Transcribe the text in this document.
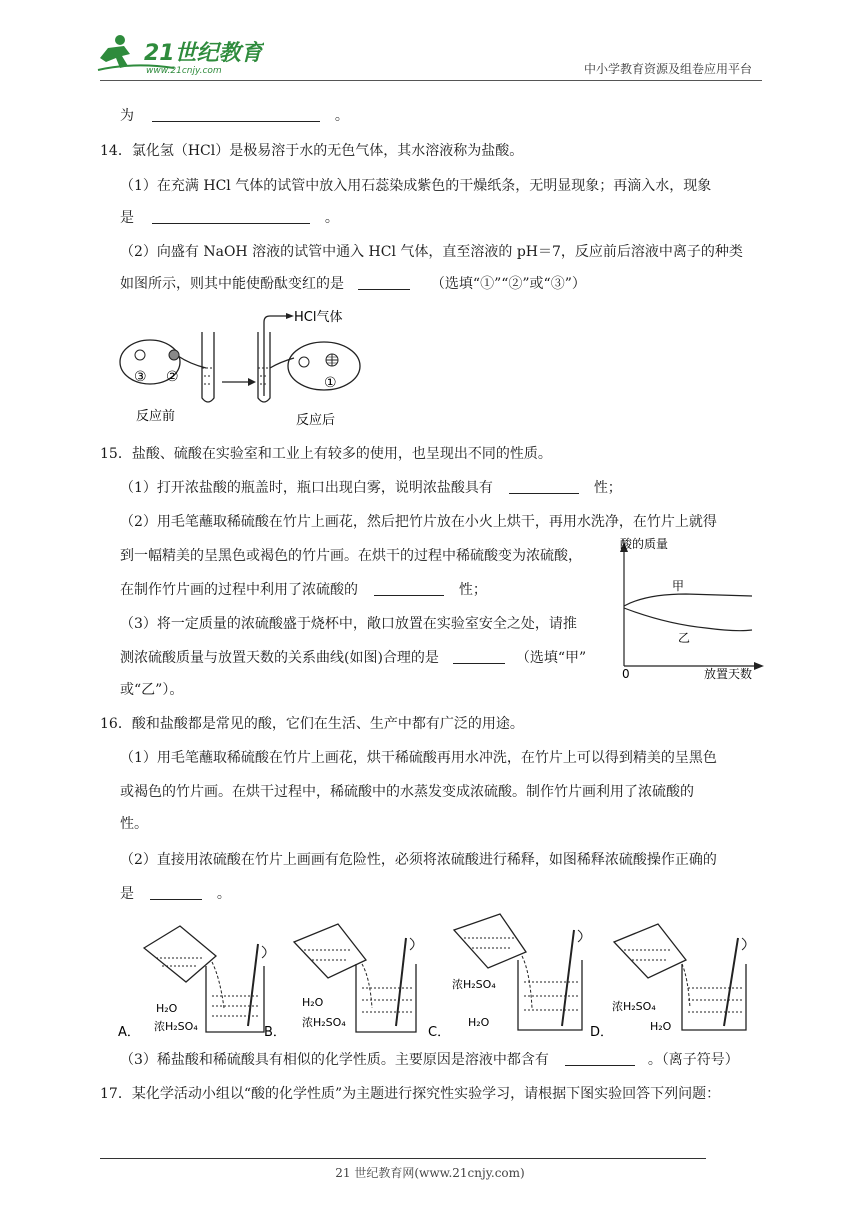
21世纪教育
www.21cnjy.com	中小学教育资源及组卷应用平台
为	。
14．氯化氢（HCl）是极易溶于水的无色气体，其水溶液称为盐酸。
（1）在充满 HCl 气体的试管中放入用石蕊染成紫色的干燥纸条，无明显现象；再滴入水，现象
是	。
（2）向盛有 NaOH 溶液的试管中通入 HCl 气体，直至溶液的 pH＝7，反应前后溶液中离子的种类
如图所示，则其中能使酚酞变红的是	（选填“①”“②”或“③”）
③ ②
HCl气体
①
反应前	反应后
15．盐酸、硫酸在实验室和工业上有较多的使用，也呈现出不同的性质。
（1）打开浓盐酸的瓶盖时，瓶口出现白雾，说明浓盐酸具有	性；
（2）用毛笔蘸取稀硫酸在竹片上画花，然后把竹片放在小火上烘干，再用水洗净，在竹片上就得
到一幅精美的呈黑色或褐色的竹片画。在烘干的过程中稀硫酸变为浓硫酸，
在制作竹片画的过程中利用了浓硫酸的	性；
（3）将一定质量的浓硫酸盛于烧杯中，敞口放置在实验室安全之处，请推
测浓硫酸质量与放置天数的关系曲线(如图)合理的是	（选填“甲”
或“乙”）。
酸的质量
0	放置天数
甲
乙
16．酸和盐酸都是常见的酸，它们在生活、生产中都有广泛的用途。
（1）用毛笔蘸取稀硫酸在竹片上画花，烘干稀硫酸再用水冲洗，在竹片上可以得到精美的呈黑色
或褐色的竹片画。在烘干过程中，稀硫酸中的水蒸发变成浓硫酸。制作竹片画利用了浓硫酸的
性。
（2）直接用浓硫酸在竹片上画画有危险性，必须将浓硫酸进行稀释，如图稀释浓硫酸操作正确的
是	。
H₂O
浓H₂SO₄
A．
H₂O
浓H₂SO₄
B．
浓H₂SO₄
H₂O
C．
浓H₂SO₄
H₂O
D．
（3）稀盐酸和稀硫酸具有相似的化学性质。主要原因是溶液中都含有	。（离子符号）
17．某化学活动小组以“酸的化学性质”为主题进行探究性实验学习，请根据下图实验回答下列问题：
21 世纪教育网(www.21cnjy.com)
